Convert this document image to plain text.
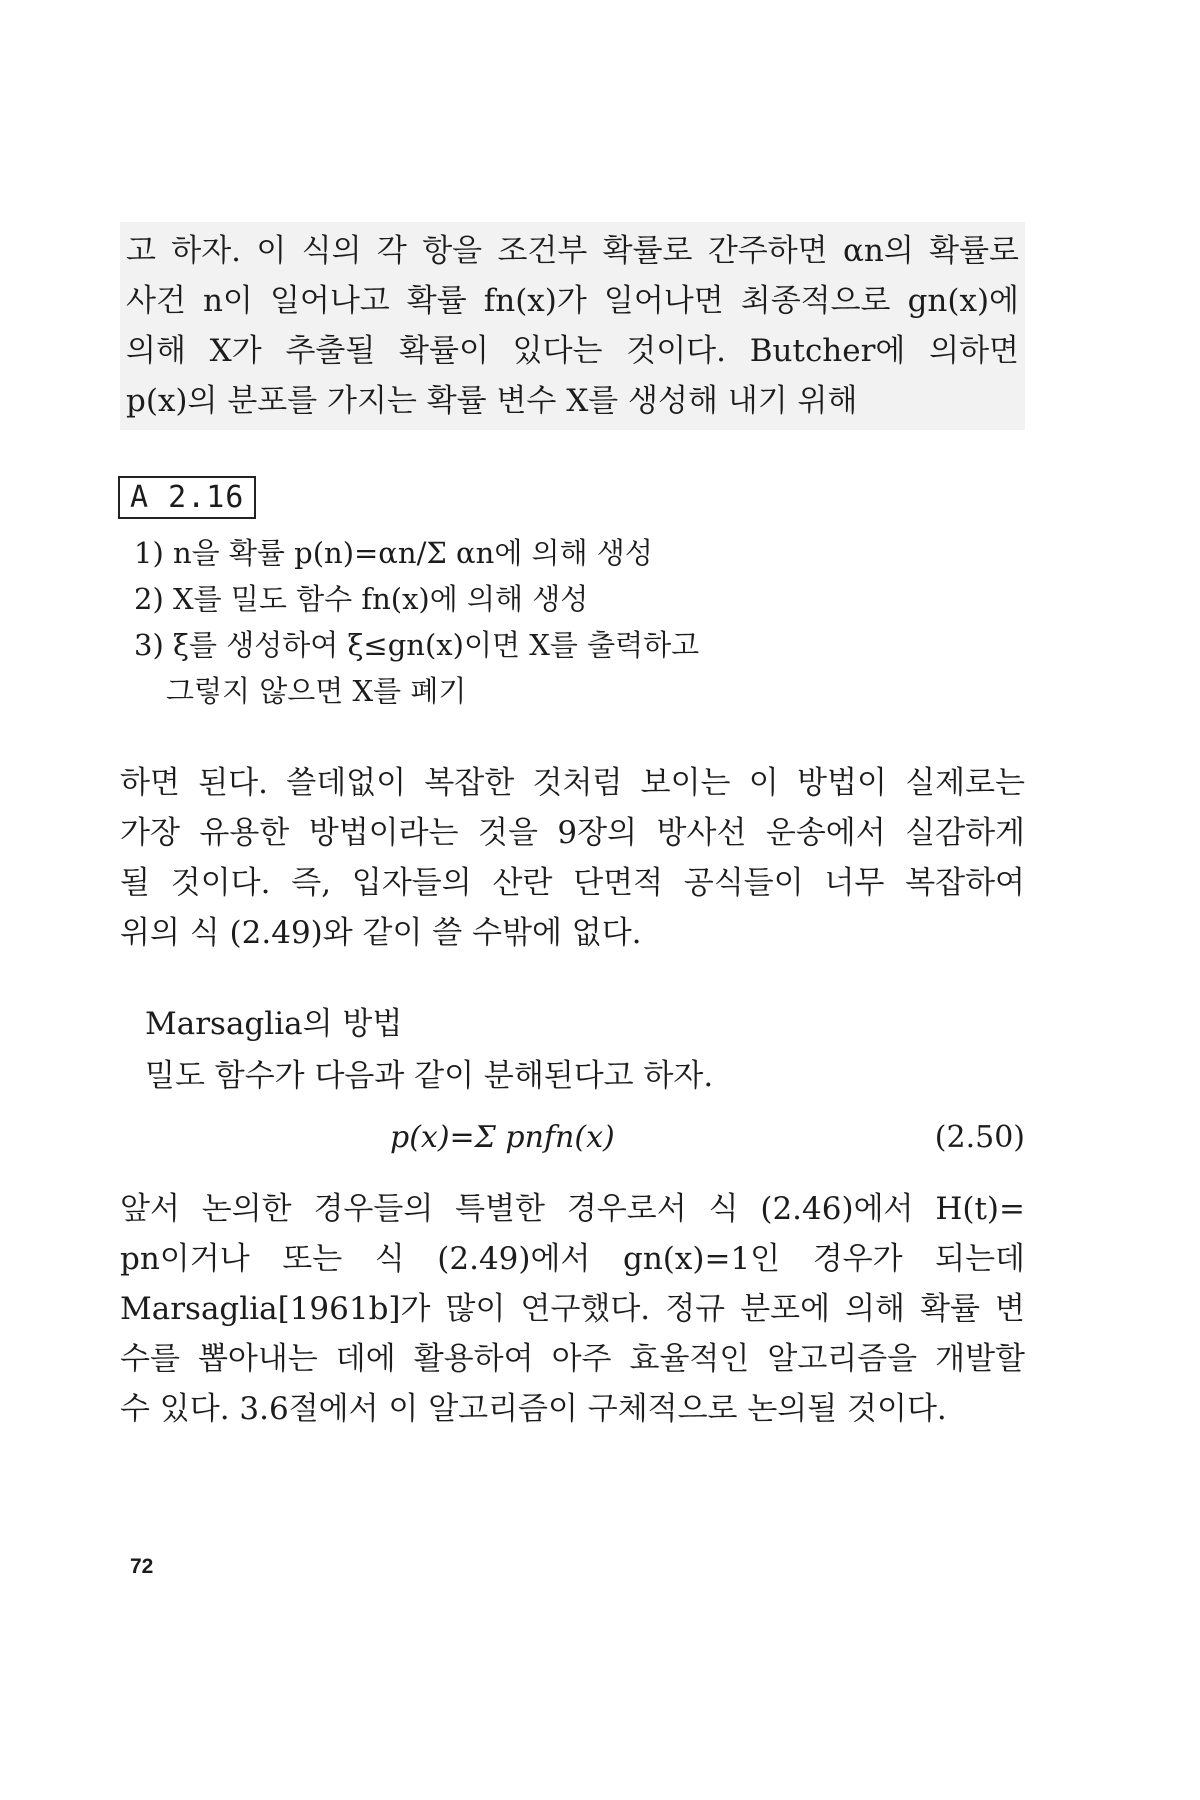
고 하자. 이 식의 각 항을 조건부 확률로 간주하면 αn의 확률로
사건 n이 일어나고 확률 fn(x)가 일어나면 최종적으로 gn(x)에
의해 X가 추출될 확률이 있다는 것이다. Butcher에 의하면
p(x)의 분포를 가지는 확률 변수 X를 생성해 내기 위해
A 2.16
1) n을 확률 p(n)=αn/Σ αn에 의해 생성
2) X를 밀도 함수 fn(x)에 의해 생성
3) ξ를 생성하여 ξ≤gn(x)이면 X를 출력하고
그렇지 않으면 X를 폐기
하면 된다. 쓸데없이 복잡한 것처럼 보이는 이 방법이 실제로는
가장 유용한 방법이라는 것을 9장의 방사선 운송에서 실감하게
될 것이다. 즉, 입자들의 산란 단면적 공식들이 너무 복잡하여
위의 식 (2.49)와 같이 쓸 수밖에 없다.
Marsaglia의 방법
밀도 함수가 다음과 같이 분해된다고 하자.
p(x)=Σ pnfn(x)	(2.50)
앞서 논의한 경우들의 특별한 경우로서 식 (2.46)에서 H(t)=
pn이거나 또는 식 (2.49)에서 gn(x)=1인 경우가 되는데
Marsaglia[1961b]가 많이 연구했다. 정규 분포에 의해 확률 변
수를 뽑아내는 데에 활용하여 아주 효율적인 알고리즘을 개발할
수 있다. 3.6절에서 이 알고리즘이 구체적으로 논의될 것이다.
72
